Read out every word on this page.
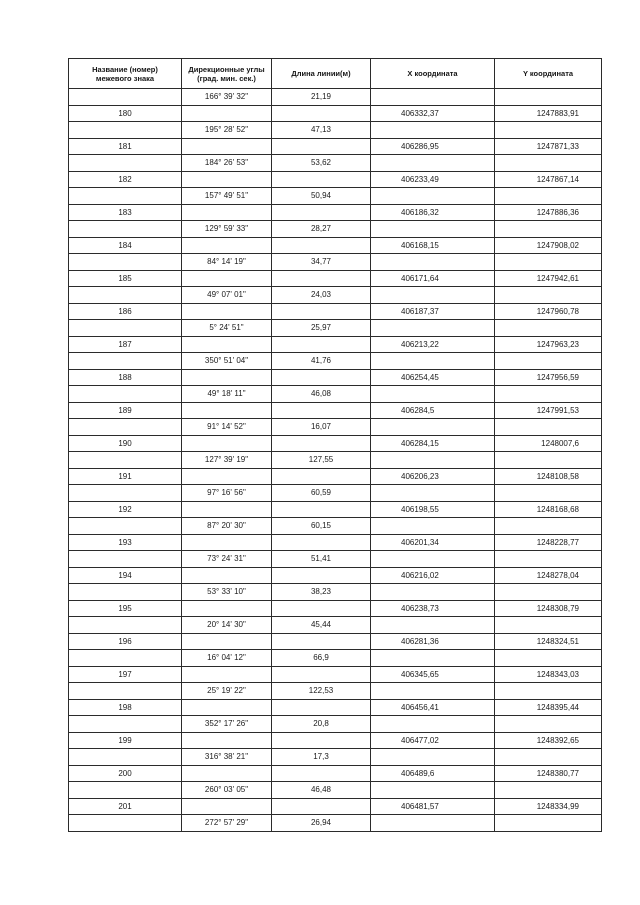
Название (номер)
межевого знака	Дирекционные углы
(град. мин. сек.)	Длина линии(м)	X координата	Y координата
	166° 39' 32"	21,19		
180			406332,37	1247883,91
	195° 28' 52"	47,13		
181			406286,95	1247871,33
	184° 26' 53"	53,62		
182			406233,49	1247867,14
	157° 49' 51"	50,94		
183			406186,32	1247886,36
	129° 59' 33"	28,27		
184			406168,15	1247908,02
	84° 14' 19"	34,77		
185			406171,64	1247942,61
	49° 07' 01"	24,03		
186			406187,37	1247960,78
	5° 24' 51"	25,97		
187			406213,22	1247963,23
	350° 51' 04"	41,76		
188			406254,45	1247956,59
	49° 18' 11"	46,08		
189			406284,5	1247991,53
	91° 14' 52"	16,07		
190			406284,15	1248007,6
	127° 39' 19"	127,55		
191			406206,23	1248108,58
	97° 16' 56"	60,59		
192			406198,55	1248168,68
	87° 20' 30"	60,15		
193			406201,34	1248228,77
	73° 24' 31"	51,41		
194			406216,02	1248278,04
	53° 33' 10"	38,23		
195			406238,73	1248308,79
	20° 14' 30"	45,44		
196			406281,36	1248324,51
	16° 04' 12"	66,9		
197			406345,65	1248343,03
	25° 19' 22"	122,53		
198			406456,41	1248395,44
	352° 17' 26"	20,8		
199			406477,02	1248392,65
	316° 38' 21"	17,3		
200			406489,6	1248380,77
	260° 03' 05"	46,48		
201			406481,57	1248334,99
	272° 57' 29"	26,94		
